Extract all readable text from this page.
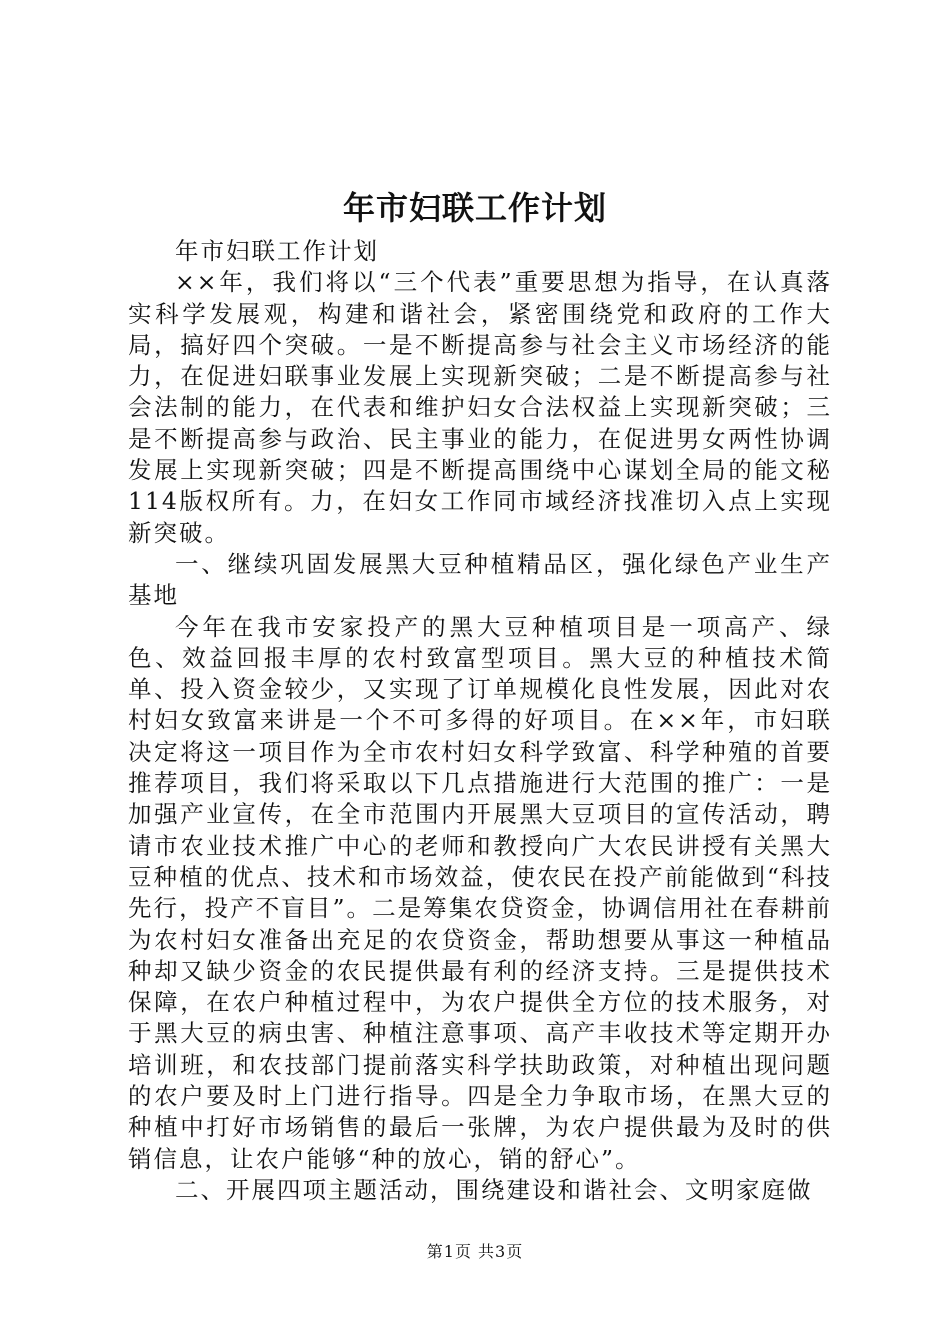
年市妇联工作计划

年市妇联工作计划

××年，我们将以“三个代表”重要思想为指导，在认真落实科学发展观，构建和谐社会，紧密围绕党和政府的工作大局，搞好四个突破。一是不断提高参与社会主义市场经济的能力，在促进妇联事业发展上实现新突破；二是不断提高参与社会法制的能力，在代表和维护妇女合法权益上实现新突破；三是不断提高参与政治、民主事业的能力，在促进男女两性协调发展上实现新突破；四是不断提高围绕中心谋划全局的能文秘114版权所有。力，在妇女工作同市域经济找准切入点上实现新突破。

一、继续巩固发展黑大豆种植精品区，强化绿色产业生产基地

今年在我市安家投产的黑大豆种植项目是一项高产、绿色、效益回报丰厚的农村致富型项目。黑大豆的种植技术简单、投入资金较少，又实现了订单规模化良性发展，因此对农村妇女致富来讲是一个不可多得的好项目。在××年，市妇联决定将这一项目作为全市农村妇女科学致富、科学种殖的首要推荐项目，我们将采取以下几点措施进行大范围的推广：一是加强产业宣传，在全市范围内开展黑大豆项目的宣传活动，聘请市农业技术推广中心的老师和教授向广大农民讲授有关黑大豆种植的优点、技术和市场效益，使农民在投产前能做到“科技先行，投产不盲目”。二是筹集农贷资金，协调信用社在春耕前为农村妇女准备出充足的农贷资金，帮助想要从事这一种植品种却又缺少资金的农民提供最有利的经济支持。三是提供技术保障，在农户种植过程中，为农户提供全方位的技术服务，对于黑大豆的病虫害、种植注意事项、高产丰收技术等定期开办培训班，和农技部门提前落实科学扶助政策，对种植出现问题的农户要及时上门进行指导。四是全力争取市场，在黑大豆的种植中打好市场销售的最后一张牌，为农户提供最为及时的供销信息，让农户能够“种的放心，销的舒心”。

二、开展四项主题活动，围绕建设和谐社会、文明家庭做

第1页 共3页
